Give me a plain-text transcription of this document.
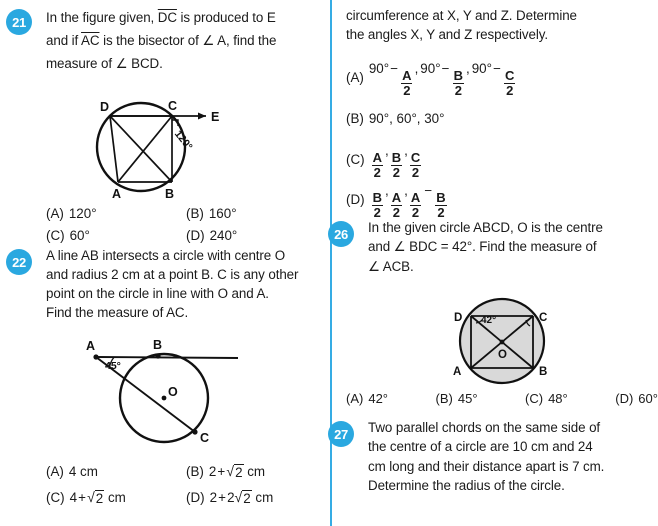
21	In the figure given, $\overline{DC}$ is produced to E
and if $\overline{AC}$ is the bisector of ∠ A, find the
measure of ∠ BCD.
D	C
E
A	B
120°
(A) 120°	(B) 160°
(C) 60°	(D) 240°
22	A line AB intersects a circle with centre O
and radius 2 cm at a point B. C is any other
point on the circle in line with O and A.
Find the measure of AC.
A	B
O
C
45°
(A) 4 cm	(B) 2 +  √ 2 cm
(C) 4 +  √ 2 cm	(D) 2 + 2 √ 2 cm
circumference at X, Y and Z. Determine
the angles X, Y and Z respectively.
(A)
90° − 
$\frac{A}{2}$
, 90° − 
$\frac{B}{2}$
, 90° − 
$\frac{C}{2}$
(B) 90°, 60°, 30°
$(C) \frac{A}{2}$
,
$\frac{B}{2}$
,
$\frac{C}{2}$
$(D) \frac{B}{2}$
,
$\frac{A}{2}$
,
$\frac{A}{2}$
 − 
$\frac{B}{2}$
26	In the given circle ABCD, O is the centre
and ∠ BDC = 42°. Find the measure of
∠ ACB.
D	C
A	B
O
42°
(A) 42°	(B) 45°	(C) 48°	(D) 60°
27	Two parallel chords on the same side of
the centre of a circle are 10 cm and 24
cm long and their distance apart is 7 cm.
Determine the radius of the circle.
